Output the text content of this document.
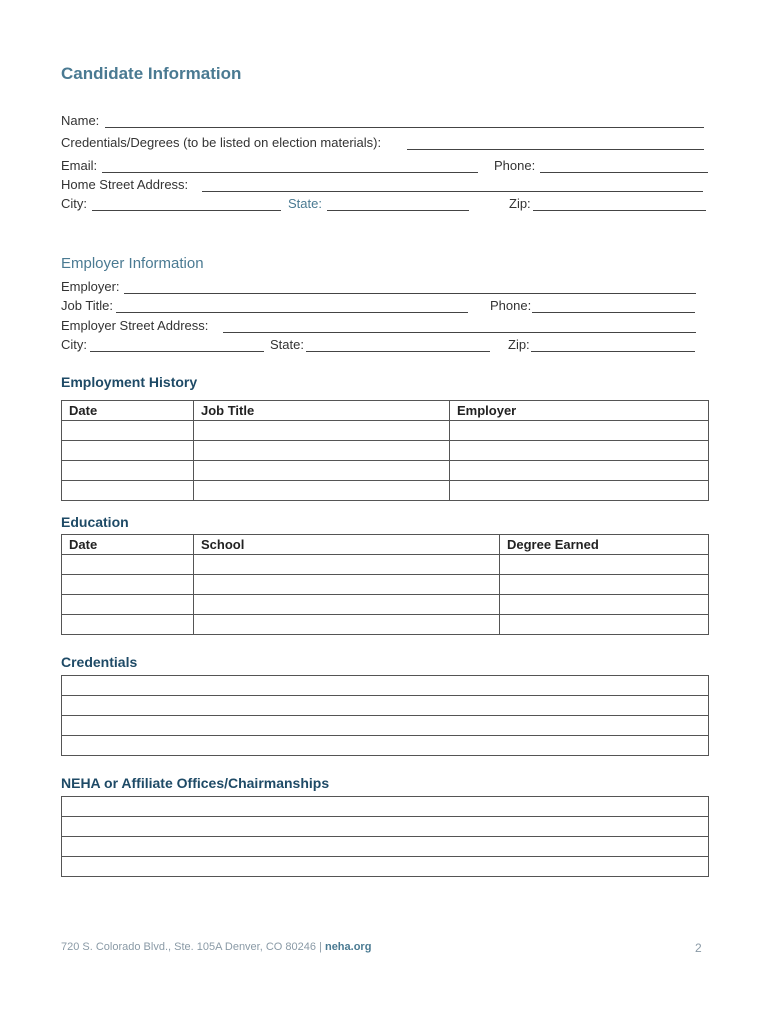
Candidate Information
Name:
Credentials/Degrees (to be listed on election materials):
Email:	Phone:
Home Street Address:
City:	State:	Zip:
Employer Information
Employer:
Job Title:	Phone:
Employer Street Address:
City:	State:	Zip:
Employment History
Date	Job Title	Employer

Education
Date	School	Degree Earned

Credentials

NEHA or Affiliate Offices/Chairmanships

720 S. Colorado Blvd., Ste. 105A Denver, CO 80246 | neha.org	2
